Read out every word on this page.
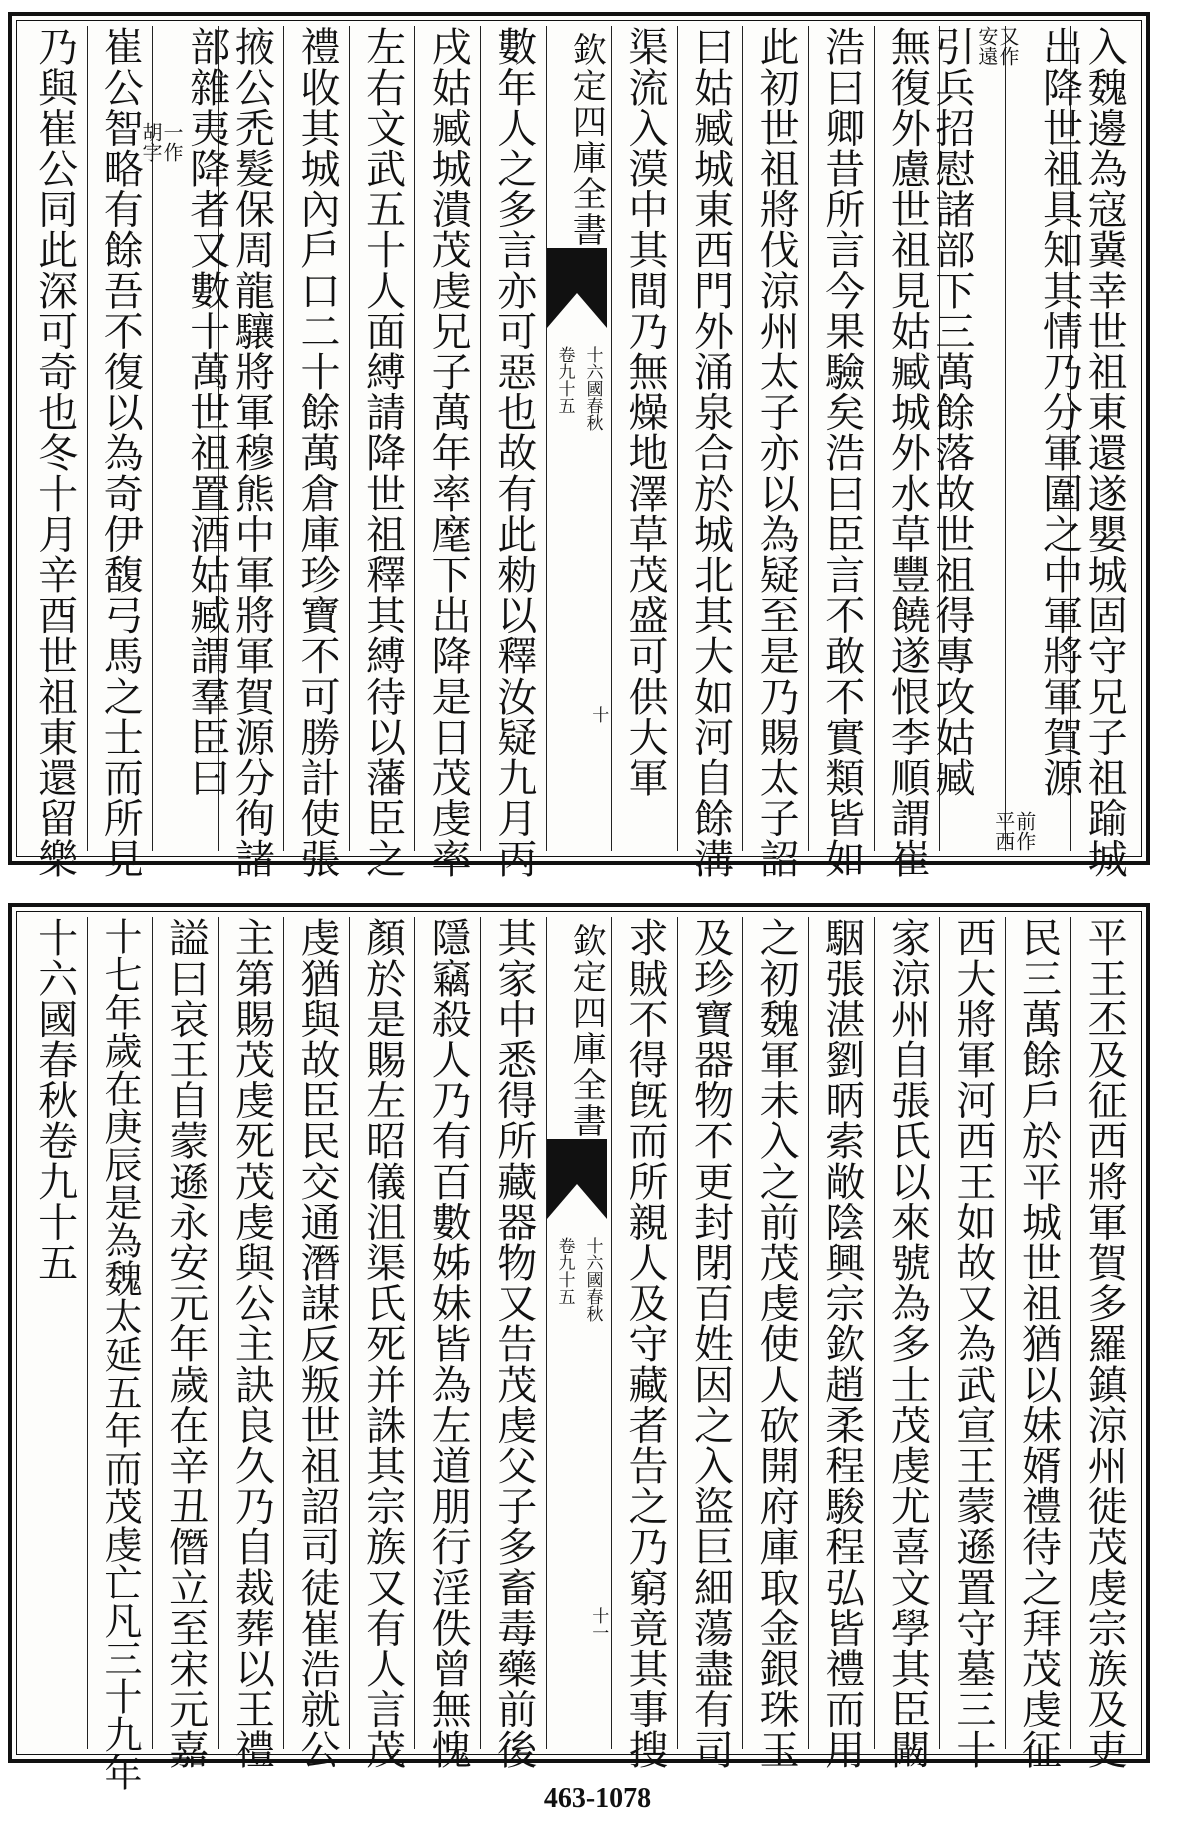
入魏邊為寇冀幸世祖東還遂嬰城固守兄子祖踰城
出降世祖具知其情乃分軍圍之中軍將軍賀源
前作
平西
又作
安遠
引兵招慰諸部下三萬餘落故世祖得專攻姑臧
無復外慮世祖見姑臧城外水草豐饒遂恨李順謂崔
浩曰卿昔所言今果驗矣浩曰臣言不敢不實類皆如
此初世祖將伐涼州太子亦以為疑至是乃賜太子詔
曰姑臧城東西門外涌泉合於城北其大如河自餘溝
渠流入漠中其間乃無燥地澤草茂盛可供大軍
欽定四庫全書
十六國春秋
卷九十五
十
數年人之多言亦可惡也故有此勑以釋汝疑九月丙
戌姑臧城潰茂虔兄子萬年率麾下出降是日茂虔率
左右文武五十人面縛請降世祖釋其縛待以藩臣之
禮收其城內戶口二十餘萬倉庫珍寶不可勝計使張
掖公禿髮保周龍驤將軍穆熊中軍將軍賀源分徇諸
部雜夷降者又數十萬世祖置酒姑臧謂羣臣曰
一作
胡字
崔公智略有餘吾不復以為奇伊馥弓馬之士而所見
乃與崔公同此深可奇也冬十月辛酉世祖東還留樂
平王丕及征西將軍賀多羅鎮涼州徙茂虔宗族及吏
民三萬餘戶於平城世祖猶以妹婿禮待之拜茂虔征
西大將軍河西王如故又為武宣王蒙遜置守墓三十
家涼州自張氏以來號為多士茂虔尤喜文學其臣闞
駰張湛劉昞索敞陰興宗欽趙柔程駿程弘皆禮而用
之初魏軍未入之前茂虔使人砍開府庫取金銀珠玉
及珍寶器物不更封閉百姓因之入盜巨細蕩盡有司
求賊不得旣而所親人及守藏者告之乃窮竟其事搜
欽定四庫全書
十六國春秋
卷九十五
十一
其家中悉得所藏器物又告茂虔父子多畜毒藥前後
隱竊殺人乃有百數姊妹皆為左道朋行淫佚曾無愧
顏於是賜左昭儀沮渠氏死并誅其宗族又有人言茂
虔猶與故臣民交通潛謀反叛世祖詔司徒崔浩就公
主第賜茂虔死茂虔與公主訣良久乃自裁葬以王禮
謚曰哀王自蒙遜永安元年歲在辛丑僭立至宋元嘉
十七年歲在庚辰是為魏太延五年而茂虔亡凡三十九年
十六國春秋卷九十五
463-1078
